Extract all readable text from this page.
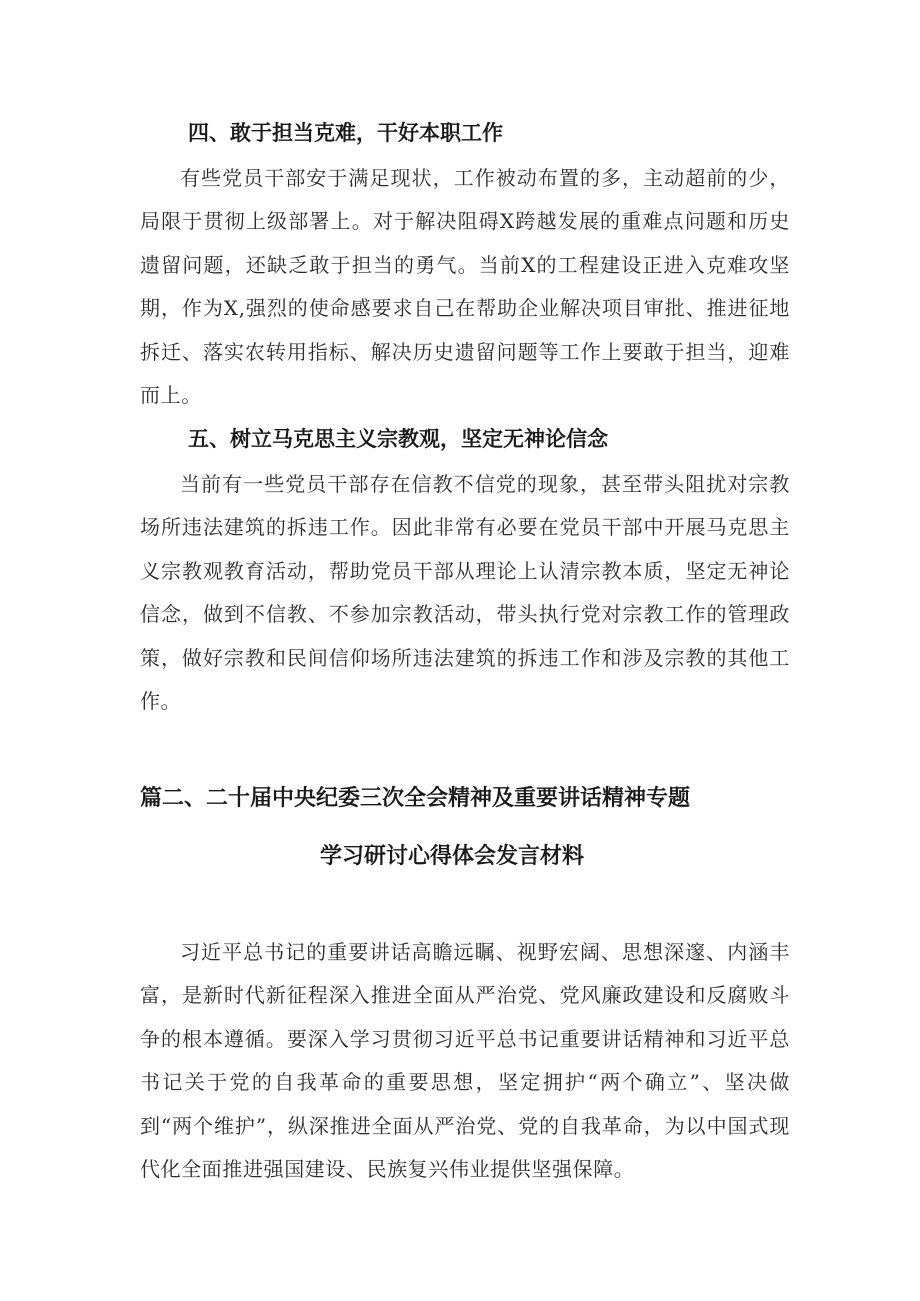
四、敢于担当克难，干好本职工作

有些党员干部安于满足现状，工作被动布置的多，主动超前的少，局限于贯彻上级部署上。对于解决阻碍X跨越发展的重难点问题和历史遗留问题，还缺乏敢于担当的勇气。当前X的工程建设正进入克难攻坚期，作为X,强烈的使命感要求自己在帮助企业解决项目审批、推进征地拆迁、落实农转用指标、解决历史遗留问题等工作上要敢于担当，迎难而上。

五、树立马克思主义宗教观，坚定无神论信念

当前有一些党员干部存在信教不信党的现象，甚至带头阻扰对宗教场所违法建筑的拆违工作。因此非常有必要在党员干部中开展马克思主义宗教观教育活动，帮助党员干部从理论上认清宗教本质，坚定无神论信念，做到不信教、不参加宗教活动，带头执行党对宗教工作的管理政策，做好宗教和民间信仰场所违法建筑的拆违工作和涉及宗教的其他工作。

篇二、二十届中央纪委三次全会精神及重要讲话精神专题
学习研讨心得体会发言材料

习近平总书记的重要讲话高瞻远瞩、视野宏阔、思想深邃、内涵丰富，是新时代新征程深入推进全面从严治党、党风廉政建设和反腐败斗争的根本遵循。要深入学习贯彻习近平总书记重要讲话精神和习近平总书记关于党的自我革命的重要思想，坚定拥护“两个确立”、坚决做到“两个维护”，纵深推进全面从严治党、党的自我革命，为以中国式现代化全面推进强国建设、民族复兴伟业提供坚强保障。
